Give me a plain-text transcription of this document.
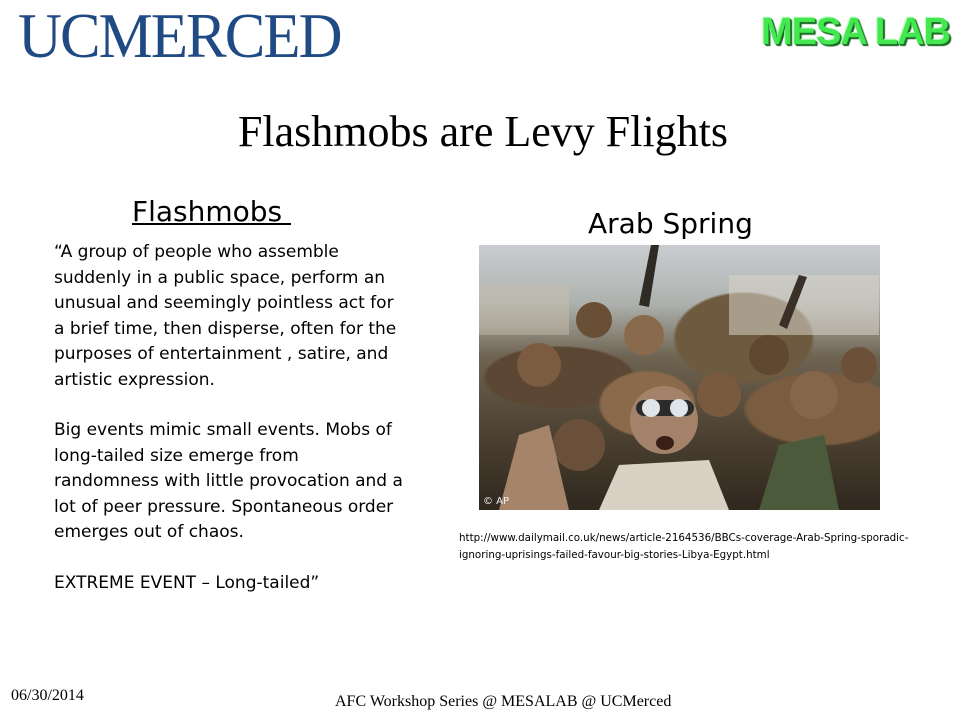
UCMERCED	MESA LAB
Flashmobs are Levy Flights
Flashmobs	Arab Spring

“A group of people who assemble suddenly in a public space, perform an unusual and seemingly pointless act for a brief time, then disperse, often for the purposes of entertainment , satire, and artistic expression.

Big events mimic small events. Mobs of long-tailed size emerge from randomness with little provocation and a lot of peer pressure. Spontaneous order emerges out of chaos.

EXTREME EVENT – Long-tailed”

© AP
http://www.dailymail.co.uk/news/article-2164536/BBCs-coverage-Arab-Spring-sporadic-ignoring-uprisings-failed-favour-big-stories-Libya-Egypt.html
06/30/2014	AFC Workshop Series @ MESALAB @ UCMerced
